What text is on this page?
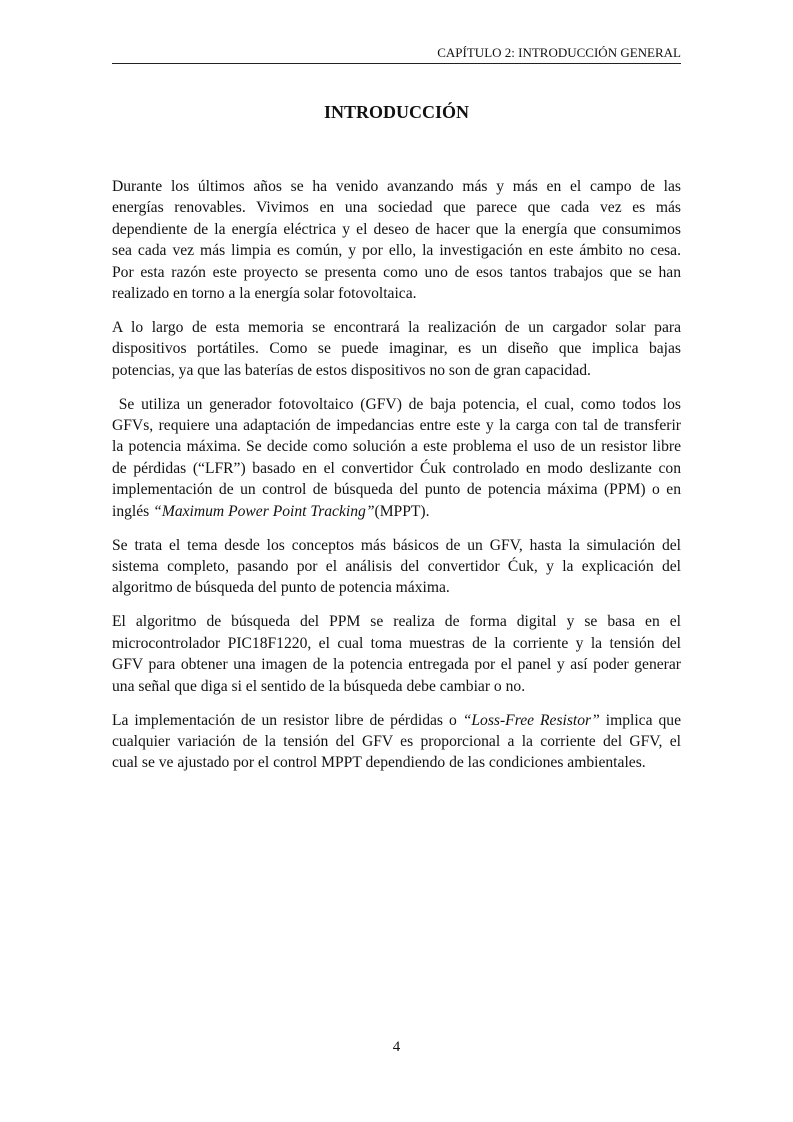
CAPÍTULO 2: INTRODUCCIÓN GENERAL
INTRODUCCIÓN
Durante los últimos años se ha venido avanzando más y más en el campo de las
energías renovables. Vivimos en una sociedad que parece que cada vez es más
dependiente de la energía eléctrica y el deseo de hacer que la energía que consumimos
sea cada vez más limpia es común, y por ello, la investigación en este ámbito no cesa.
Por esta razón este proyecto se presenta como uno de esos tantos trabajos que se han
realizado en torno a la energía solar fotovoltaica.
A lo largo de esta memoria se encontrará la realización de un cargador solar para
dispositivos portátiles. Como se puede imaginar, es un diseño que implica bajas
potencias, ya que las baterías de estos dispositivos no son de gran capacidad.
Se utiliza un generador fotovoltaico (GFV) de baja potencia, el cual, como todos los
GFVs, requiere una adaptación de impedancias entre este y la carga con tal de transferir
la potencia máxima. Se decide como solución a este problema el uso de un resistor libre
de pérdidas (“LFR”) basado en el convertidor Ćuk controlado en modo deslizante con
implementación de un control de búsqueda del punto de potencia máxima (PPM) o en
inglés “Maximum Power Point Tracking”(MPPT).
Se trata el tema desde los conceptos más básicos de un GFV, hasta la simulación del
sistema completo, pasando por el análisis del convertidor Ćuk, y la explicación del
algoritmo de búsqueda del punto de potencia máxima.
El algoritmo de búsqueda del PPM se realiza de forma digital y se basa en el
microcontrolador PIC18F1220, el cual toma muestras de la corriente y la tensión del
GFV para obtener una imagen de la potencia entregada por el panel y así poder generar
una señal que diga si el sentido de la búsqueda debe cambiar o no.
La implementación de un resistor libre de pérdidas o “Loss-Free Resistor” implica que
cualquier variación de la tensión del GFV es proporcional a la corriente del GFV, el
cual se ve ajustado por el control MPPT dependiendo de las condiciones ambientales.
4
